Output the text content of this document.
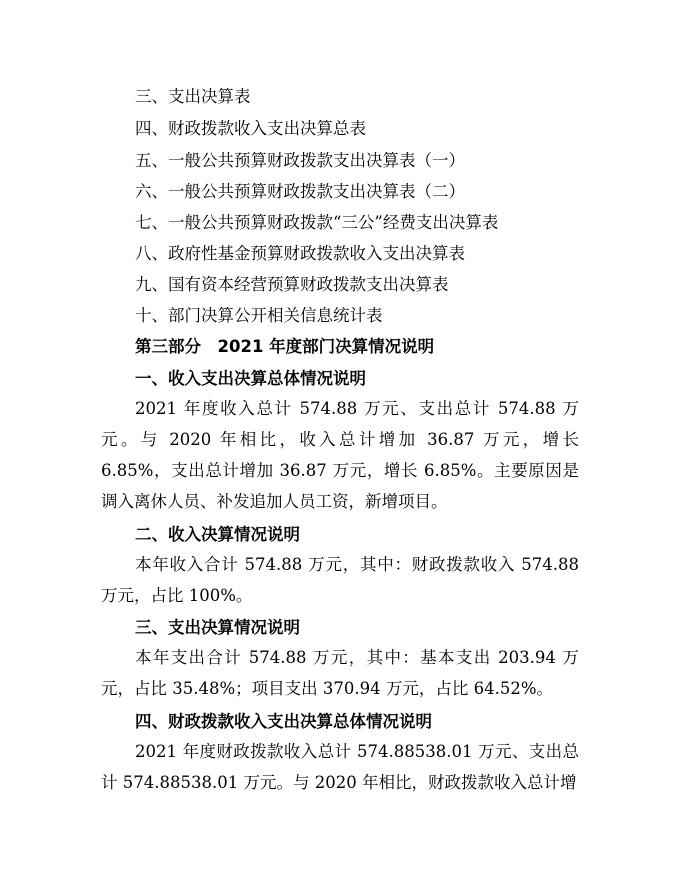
三、支出决算表
四、财政拨款收入支出决算总表
五、一般公共预算财政拨款支出决算表（一）
六、一般公共预算财政拨款支出决算表（二）
七、一般公共预算财政拨款“三公”经费支出决算表
八、政府性基金预算财政拨款收入支出决算表
九、国有资本经营预算财政拨款支出决算表
十、部门决算公开相关信息统计表
第三部分　2021 年度部门决算情况说明
一、收入支出决算总体情况说明
2021 年度收入总计 574.88 万元、支出总计 574.88 万元。与 2020 年相比，收入总计增加 36.87 万元，增长 6.85%，支出总计增加 36.87 万元，增长 6.85%。主要原因是调入离休人员、补发追加人员工资，新增项目。
二、收入决算情况说明
本年收入合计 574.88 万元，其中：财政拨款收入 574.88 万元，占比 100%。
三、支出决算情况说明
本年支出合计 574.88 万元，其中：基本支出 203.94 万元，占比 35.48%；项目支出 370.94 万元，占比 64.52%。
四、财政拨款收入支出决算总体情况说明
2021 年度财政拨款收入总计 574.88538.01 万元、支出总计 574.88538.01 万元。与 2020 年相比，财政拨款收入总计增
